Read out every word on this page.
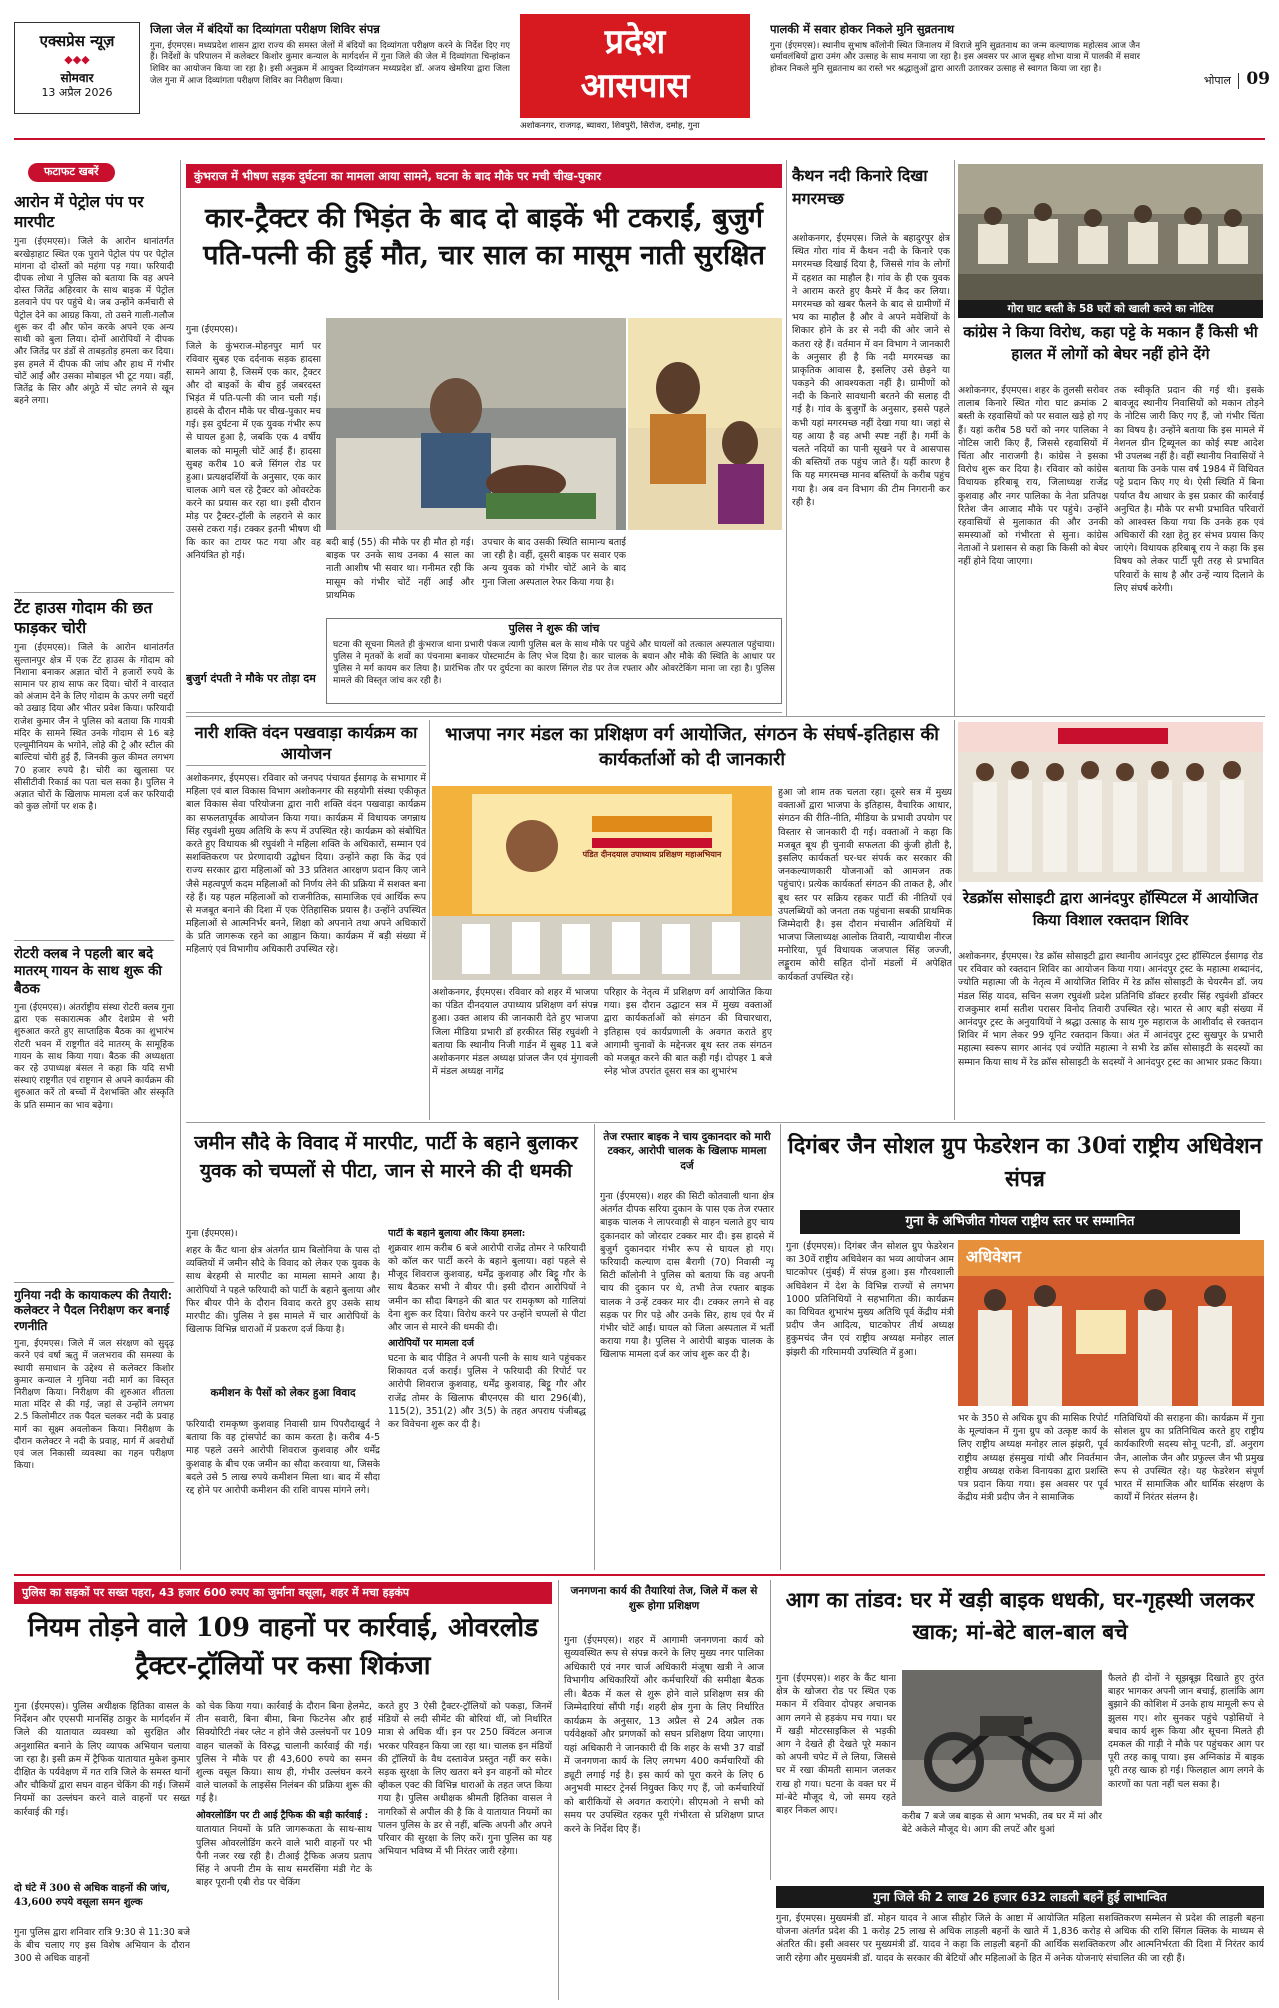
एक्सप्रेस न्यूज़
◆◆◆
सोमवार
13 अप्रैल 2026
जिला जेल में बंदियों का दिव्यांगता परीक्षण शिविर संपन्न
गुना, ईएमएस। मध्यप्रदेश शासन द्वारा राज्य की समस्त जेलों में बंदियों का दिव्यांगता परीक्षण करने के निर्देश दिए गए हैं। निर्देशों के परिपालन में कलेक्टर किशोर कुमार कन्याल के मार्गदर्शन में गुना जिले की जेल में दिव्यांगता चिन्हांकन शिविर का आयोजन किया जा रहा है। इसी अनुक्रम में आयुक्त दिव्यांगजन मध्यप्रदेश डॉ. अजय खेमरिया द्वारा जिला जेल गुना में आज दिव्यांगता परीक्षण शिविर का निरीक्षण किया।
प्रदेश
आसपास
अशोकनगर, राजगढ़, ब्यावरा, शिवपुरी, सिरोंज, दमोह, गुना
पालकी में सवार होकर निकले मुनि सुव्रतनाथ
गुना (ईएमएस)। स्थानीय सुभाष कॉलोनी स्थित जिनालय में विराजे मुनि सुव्रतनाथ का जन्म कल्याणक महोत्सव आज जैन धर्मावलंबियों द्वारा उमंग और उत्साह के साथ मनाया जा रहा है। इस अवसर पर आज सुबह शोभा यात्रा में पालकी में सवार होकर निकले मुनि सुव्रतनाथ का रास्ते भर श्रद्धालुओं द्वारा आरती उतारकर उत्साह से स्वागत किया जा रहा है।
भोपाल 09
फटाफट खबरें
आरोन में पेट्रोल पंप पर मारपीट
गुना (ईएमएस)। जिले के आरोन थानांतर्गत बरखेड़ाहाट स्थित एक पुराने पेट्रोल पंप पर पेट्रोल मांगना दो दोस्तों को महंगा पड़ गया। फरियादी दीपक लोधा ने पुलिस को बताया कि वह अपने दोस्त जितेंद्र अहिरवार के साथ बाइक में पेट्रोल डलवाने पंप पर पहुंचे थे। जब उन्होंने कर्मचारी से पेट्रोल देने का आग्रह किया, तो उसने गाली-गलौज शुरू कर दी और फोन करके अपने एक अन्य साथी को बुला लिया। दोनों आरोपियों ने दीपक और जितेंद्र पर डंडों से ताबड़तोड़ हमला कर दिया। इस हमले में दीपक की जांघ और हाथ में गंभीर चोटें आईं और उसका मोबाइल भी टूट गया। वहीं, जितेंद्र के सिर और अंगूठे में चोट लगने से खून बहने लगा।
टेंट हाउस गोदाम की छत फाड़कर चोरी
गुना (ईएमएस)। जिले के आरोन थानांतर्गत सुल्तानपुर क्षेत्र में एक टेंट हाउस के गोदाम को निशाना बनाकर अज्ञात चोरों ने हजारों रुपये के सामान पर हाथ साफ कर दिया। चोरों ने वारदात को अंजाम देने के लिए गोदाम के ऊपर लगी चद्दरों को उखाड़ दिया और भीतर प्रवेश किया। फरियादी राजेश कुमार जैन ने पुलिस को बताया कि गायत्री मंदिर के सामने स्थित उनके गोदाम से 16 बड़े एल्यूमीनियम के भगोने, लोहे की ट्रे और स्टील की बाल्टियां चोरी हुई हैं, जिनकी कुल कीमत लगभग 70 हजार रुपये है। चोरी का खुलासा पर सीसीटीवी रिकार्ड का पता चल सका है। पुलिस ने अज्ञात चोरों के खिलाफ मामला दर्ज कर फरियादी को कुछ लोगों पर शक है।
रोटरी क्लब ने पहली बार बदे मातरम् गायन के साथ शुरू की बैठक
गुना (ईएमएस)। अंतर्राष्ट्रीय संस्था रोटरी क्लब गुना द्वारा एक सकारात्मक और देशप्रेम से भरी शुरुआत करते हुए साप्ताहिक बैठक का शुभारंभ रोटरी भवन में राष्ट्रगीत वंदे मातरम् के सामूहिक गायन के साथ किया गया। बैठक की अध्यक्षता कर रहे उपाध्यक्ष बंसल ने कहा कि यदि सभी संस्थाएं राष्ट्रगीत एवं राष्ट्रगान से अपने कार्यक्रम की शुरुआत करें तो बच्चों में देशभक्ति और संस्कृति के प्रति सम्मान का भाव बढ़ेगा।
गुनिया नदी के कायाकल्प की तैयारी: कलेक्टर ने पैदल निरीक्षण कर बनाई रणनीति
गुना, ईएमएस। जिले में जल संरक्षण को सुदृढ़ करने एवं वर्षा ऋतु में जलभराव की समस्या के स्थायी समाधान के उद्देश्य से कलेक्टर किशोर कुमार कन्याल ने गुनिया नदी मार्ग का विस्तृत निरीक्षण किया। निरीक्षण की शुरुआत शीतला माता मंदिर से की गई, जहां से उन्होंने लगभग 2.5 किलोमीटर तक पैदल चलकर नदी के प्रवाह मार्ग का सूक्ष्म अवलोकन किया। निरीक्षण के दौरान कलेक्टर ने नदी के प्रवाह, मार्ग में अवरोधों एवं जल निकासी व्यवस्था का गहन परीक्षण किया।
कुंभराज में भीषण सड़क दुर्घटना का मामला आया सामने, घटना के बाद मौके पर मची चीख-पुकार
कार-ट्रैक्टर की भिड़ंत के बाद दो बाइकें भी टकराईं, बुजुर्ग पति-पत्नी की हुई मौत, चार साल का मासूम नाती सुरक्षित
गुना (ईएमएस)।
जिले के कुंभराज-मोहनपुर मार्ग पर रविवार सुबह एक दर्दनाक सड़क हादसा सामने आया है, जिसमें एक कार, ट्रैक्टर और दो बाइकों के बीच हुई जबरदस्त भिड़ंत में पति-पत्नी की जान चली गई। हादसे के दौरान मौके पर चीख-पुकार मच गई। इस दुर्घटना में एक युवक गंभीर रूप से घायल हुआ है, जबकि एक 4 वर्षीय बालक को मामूली चोटें आई हैं। हादसा सुबह करीब 10 बजे सिंगल रोड पर हुआ। प्रत्यक्षदर्शियों के अनुसार, एक कार चालक आगे चल रहे ट्रैक्टर को ओवरटेक करने का प्रयास कर रहा था। इसी दौरान मोड़ पर ट्रैक्टर-ट्रॉली के लहराने से कार उससे टकरा गई। टक्कर इतनी भीषण थी कि कार का टायर फट गया और वह अनियंत्रित हो गई।
बदी बाई (55) की मौके पर ही मौत हो गई। बाइक पर उनके साथ उनका 4 साल का नाती आशीष भी सवार था। गनीमत रही कि मासूम को गंभीर चोटें नहीं आईं और प्राथमिक
उपचार के बाद उसकी स्थिति सामान्य बताई जा रही है। वहीं, दूसरी बाइक पर सवार एक अन्य युवक को गंभीर चोटें आने के बाद गुना जिला अस्पताल रेफर किया गया है।
पुलिस ने शुरू की जांच
घटना की सूचना मिलते ही कुंभराज थाना प्रभारी पंकज त्यागी पुलिस बल के साथ मौके पर पहुंचे और घायलों को तत्काल अस्पताल पहुंचाया। पुलिस ने मृतकों के शवों का पंचनामा बनाकर पोस्टमार्टम के लिए भेज दिया है। कार चालक के बयान और मौके की स्थिति के आधार पर पुलिस ने मर्ग कायम कर लिया है। प्रारंभिक तौर पर दुर्घटना का कारण सिंगल रोड पर तेज रफ्तार और ओवरटेकिंग माना जा रहा है। पुलिस मामले की विस्तृत जांच कर रही है।
बुजुर्ग दंपती ने मौके पर तोड़ा दम
कैथन नदी किनारे दिखा मगरमच्छ
अशोकनगर, ईएमएस। जिले के बहादुरपुर क्षेत्र स्थित गोरा गांव में कैथन नदी के किनारे एक मगरमच्छ दिखाई दिया है, जिससे गांव के लोगों में दहशत का माहौल है। गांव के ही एक युवक ने आराम करते हुए कैमरे में कैद कर लिया। मगरमच्छ को खबर फैलने के बाद से ग्रामीणों में भय का माहौल है और वे अपने मवेशियों के शिकार होने के डर से नदी की ओर जाने से कतरा रहे हैं। वर्तमान में वन विभाग ने जानकारी के अनुसार ही है कि नदी मगरमच्छ का प्राकृतिक आवास है, इसलिए उसे छेड़ने या पकड़ने की आवश्यकता नहीं है। ग्रामीणों को नदी के किनारे सावधानी बरतने की सलाह दी गई है। गांव के बुजुर्गों के अनुसार, इससे पहले कभी यहां मगरमच्छ नहीं देखा गया था। जहां से यह आया है वह अभी स्पष्ट नहीं है। गर्मी के चलते नदियों का पानी सूखने पर वे आसपास की बस्तियों तक पहुंच जाते हैं। यहीं कारण है कि यह मगरमच्छ मानव बस्तियों के करीब पहुंच गया है। अब वन विभाग की टीम निगरानी कर रही है।
गोरा घाट बस्ती के 58 घरों को खाली करने का नोटिस
कांग्रेस ने किया विरोध, कहा पट्टे के मकान हैं किसी भी हालत में लोगों को बेघर नहीं होने देंगे
अशोकनगर, ईएमएस। शहर के तुलसी सरोवर तालाब किनारे स्थित गोरा घाट क्रमांक 2 बस्ती के रहवासियों को पर सवाल खड़े हो गए हैं। यहां करीब 58 घरों को नगर पालिका ने नोटिस जारी किए हैं, जिससे रहवासियों में चिंता और नाराजगी है। कांग्रेस ने इसका विरोध शुरू कर दिया है। रविवार को कांग्रेस विधायक हरिबाबू राय, जिलाध्यक्ष राजेंद्र कुशवाह और नगर पालिका के नेता प्रतिपक्ष रितेश जैन आजाद मौके पर पहुंचे। उन्होंने रहवासियों से मुलाकात की और उनकी समस्याओं को गंभीरता से सुना। कांग्रेस नेताओं ने प्रशासन से कहा कि किसी को बेघर नहीं होने दिया जाएगा।
तक स्वीकृति प्रदान की गई थी। इसके बावजूद स्थानीय निवासियों को मकान तोड़ने के नोटिस जारी किए गए हैं, जो गंभीर चिंता का विषय है। उन्होंने बताया कि इस मामले में नेशनल ग्रीन ट्रिब्यूनल का कोई स्पष्ट आदेश भी उपलब्ध नहीं है। वहीं स्थानीय निवासियों ने बताया कि उनके पास वर्ष 1984 में विधिवत पट्टे प्रदान किए गए थे। ऐसी स्थिति में बिना पर्याप्त वैध आधार के इस प्रकार की कार्रवाई अनुचित है। मौके पर सभी प्रभावित परिवारों को आश्वस्त किया गया कि उनके हक एवं अधिकारों की रक्षा हेतु हर संभव प्रयास किए जाएंगे। विधायक हरिबाबू राय ने कहा कि इस विषय को लेकर पार्टी पूरी तरह से प्रभावित परिवारों के साथ है और उन्हें न्याय दिलाने के लिए संघर्ष करेगी।
नारी शक्ति वंदन पखवाड़ा कार्यक्रम का आयोजन
अशोकनगर, ईएमएस। रविवार को जनपद पंचायत ईसागढ़ के सभागार में महिला एवं बाल विकास विभाग अशोकनगर की सहयोगी संस्था एकीकृत बाल विकास सेवा परियोजना द्वारा नारी शक्ति वंदन पखवाड़ा कार्यक्रम का सफलतापूर्वक आयोजन किया गया। कार्यक्रम में विधायक जगन्नाथ सिंह रघुवंशी मुख्य अतिथि के रूप में उपस्थित रहे। कार्यक्रम को संबोधित करते हुए विधायक श्री रघुवंशी ने महिला शक्ति के अधिकारों, सम्मान एवं सशक्तिकरण पर प्रेरणादायी उद्बोधन दिया। उन्होंने कहा कि केंद्र एवं राज्य सरकार द्वारा महिलाओं को 33 प्रतिशत आरक्षण प्रदान किए जाने जैसे महत्वपूर्ण कदम महिलाओं को निर्णय लेने की प्रक्रिया में सशक्त बना रहे हैं। यह पहल महिलाओं को राजनीतिक, सामाजिक एवं आर्थिक रूप से मजबूत बनाने की दिशा में एक ऐतिहासिक प्रयास है। उन्होंने उपस्थित महिलाओं से आत्मनिर्भर बनने, शिक्षा को अपनाने तथा अपने अधिकारों के प्रति जागरूक रहने का आह्वान किया। कार्यक्रम में बड़ी संख्या में महिलाएं एवं विभागीय अधिकारी उपस्थित रहे।
भाजपा नगर मंडल का प्रशिक्षण वर्ग आयोजित, संगठन के संघर्ष-इतिहास की कार्यकर्ताओं को दी जानकारी
पंडित दीनदयाल उपाध्याय प्रशिक्षण महाअभियान
हुआ जो शाम तक चलता रहा। दूसरे सत्र में मुख्य वक्ताओं द्वारा भाजपा के इतिहास, वैचारिक आधार, संगठन की रीति-नीति, मीडिया के प्रभावी उपयोग पर विस्तार से जानकारी दी गई। वक्ताओं ने कहा कि मजबूत बूथ ही चुनावी सफलता की कुंजी होती है, इसलिए कार्यकर्ता घर-घर संपर्क कर सरकार की जनकल्याणकारी योजनाओं को आमजन तक पहुंचाएं। प्रत्येक कार्यकर्ता संगठन की ताकत है, और बूथ स्तर पर सक्रिय रहकर पार्टी की नीतियों एवं उपलब्धियों को जनता तक पहुंचाना सबकी प्राथमिक जिम्मेदारी है। इस दौरान मंचासीन अतिथियों में भाजपा जिलाध्यक्ष आलोक तिवारी, न्यायाधीश नीरज मनोरिया, पूर्व विधायक जजपाल सिंह जज्जी, लड्डूराम कोरी सहित दोनों मंडलों में अपेक्षित कार्यकर्ता उपस्थित रहे।
अशोकनगर, ईएमएस। रविवार को शहर में भाजपा का पंडित दीनदयाल उपाध्याय प्रशिक्षण वर्ग संपन्न हुआ। उक्त आशय की जानकारी देते हुए भाजपा जिला मीडिया प्रभारी डॉ हरकीरत सिंह रघुवंशी ने बताया कि स्थानीय निजी गार्डन में सुबह 11 बजे अशोकनगर मंडल अध्यक्ष प्रांजल जैन एवं मुंगावली में मंडल अध्यक्ष नागेंद्र
परिहार के नेतृत्व में प्रशिक्षण वर्ग आयोजित किया गया। इस दौरान उद्घाटन सत्र में मुख्य वक्ताओं द्वारा कार्यकर्ताओं को संगठन की विचारधारा, इतिहास एवं कार्यप्रणाली के अवगत कराते हुए आगामी चुनावों के मद्देनजर बूथ स्तर तक संगठन को मजबूत करने की बात कही गई। दोपहर 1 बजे स्नेह भोज उपरांत दूसरा सत्र का शुभारंभ
रेडक्रॉस सोसाइटी द्वारा आनंदपुर हॉस्पिटल में आयोजित किया विशाल रक्तदान शिविर
अशोकनगर, ईएमएस। रेड क्रॉस सोसाइटी द्वारा स्थानीय आनंदपुर ट्रस्ट हॉस्पिटल ईसागढ़ रोड पर रविवार को रक्तदान शिविर का आयोजन किया गया। आनंदपुर ट्रस्ट के महात्मा शब्दानंद, ज्योति महात्मा जी के नेतृत्व में आयोजित शिविर में रेड क्रॉस सोसाइटी के चेयरमैन डॉ. जय मंडल सिंह यादव, सचिन सजग रघुवंशी प्रदेश प्रतिनिधि डॉक्टर हरवीर सिंह रघुवंशी डॉक्टर राजकुमार शर्मा सतीश परासर विनोद तिवारी उपस्थित रहे। भारत से आए बड़ी संख्या में आनंदपुर ट्रस्ट के अनुयायियों ने श्रद्धा उत्साह के साथ गुरु महाराज के आशीर्वाद से रक्तदान शिविर में भाग लेकर 99 यूनिट रक्तदान किया। अंत में आनंदपुर ट्रस्ट सुखपुर के प्रभारी महात्मा स्वरूप सागर आनंद एवं ज्योति महात्मा ने सभी रेड क्रॉस सोसाइटी के सदस्यों का सम्मान किया साथ में रेड क्रॉस सोसाइटी के सदस्यों ने आनंदपुर ट्रस्ट का आभार प्रकट किया।
जमीन सौदे के विवाद में मारपीट, पार्टी के बहाने बुलाकर युवक को चप्पलों से पीटा, जान से मारने की दी धमकी
गुना (ईएमएस)।
शहर के कैंट थाना क्षेत्र अंतर्गत ग्राम बिलोनिया के पास दो व्यक्तियों में जमीन सौदे के विवाद को लेकर एक युवक के साथ बेरहमी से मारपीट का मामला सामने आया है। आरोपियों ने पहले फरियादी को पार्टी के बहाने बुलाया और फिर बीयर पीने के दौरान विवाद करते हुए उसके साथ मारपीट की। पुलिस ने इस मामले में चार आरोपियों के खिलाफ विभिन्न धाराओं में प्रकरण दर्ज किया है।
कमीशन के पैसों को लेकर हुआ विवाद
फरियादी रामकृष्ण कुशवाह निवासी ग्राम पिपरौदाखुर्द ने बताया कि वह ट्रांसपोर्ट का काम करता है। करीब 4-5 माह पहले उसने आरोपी शिवराज कुशवाह और धर्मेंद्र कुशवाह के बीच एक जमीन का सौदा करवाया था, जिसके बदले उसे 5 लाख रुपये कमीशन मिला था। बाद में सौदा रद्द होने पर आरोपी कमीशन की राशि वापस मांगने लगे।
पार्टी के बहाने बुलाया और किया हमला:
शुक्रवार शाम करीब 6 बजे आरोपी राजेंद्र तोमर ने फरियादी को कॉल कर पार्टी करने के बहाने बुलाया। वहां पहले से मौजूद शिवराज कुशवाह, धर्मेंद्र कुशवाह और बिट्टू गौर के साथ बैठकर सभी ने बीयर पी। इसी दौरान आरोपियों ने जमीन का सौदा बिगड़ने की बात पर रामकृष्ण को गालियां देना शुरू कर दिया। विरोध करने पर उन्होंने चप्पलों से पीटा और जान से मारने की धमकी दी।
आरोपियों पर मामला दर्ज
घटना के बाद पीड़ित ने अपनी पत्नी के साथ थाने पहुंचकर शिकायत दर्ज कराई। पुलिस ने फरियादी की रिपोर्ट पर आरोपी शिवराज कुशवाह, धर्मेंद्र कुशवाह, बिट्टू गौर और राजेंद्र तोमर के खिलाफ बीएनएस की धारा 296(बी), 115(2), 351(2) और 3(5) के तहत अपराध पंजीबद्ध कर विवेचना शुरू कर दी है।
तेज रफ्तार बाइक ने चाय दुकानदार को मारी टक्कर, आरोपी चालक के खिलाफ मामला दर्ज
गुना (ईएमएस)। शहर की सिटी कोतवाली थाना क्षेत्र अंतर्गत दीपक सरिया दुकान के पास एक तेज रफ्तार बाइक चालक ने लापरवाही से वाहन चलाते हुए चाय दुकानदार को जोरदार टक्कर मार दी। इस हादसे में बुजुर्ग दुकानदार गंभीर रूप से घायल हो गए। फरियादी कल्याण दास बैरागी (70) निवासी न्यू सिटी कॉलोनी ने पुलिस को बताया कि वह अपनी चाय की दुकान पर थे, तभी तेज रफ्तार बाइक चालक ने उन्हें टक्कर मार दी। टक्कर लगने से वह सड़क पर गिर पड़े और उनके सिर, हाथ एवं पैर में गंभीर चोटें आईं। घायल को जिला अस्पताल में भर्ती कराया गया है। पुलिस ने आरोपी बाइक चालक के खिलाफ मामला दर्ज कर जांच शुरू कर दी है।
दिगंबर जैन सोशल ग्रुप फेडरेशन का 30वां राष्ट्रीय अधिवेशन संपन्न
गुना के अभिजीत गोयल राष्ट्रीय स्तर पर सम्मानित
गुना (ईएमएस)। दिगंबर जैन सोशल ग्रुप फेडरेशन का 30वें राष्ट्रीय अधिवेशन का भव्य आयोजन आम घाटकोपर (मुंबई) में संपन्न हुआ। इस गौरवशाली अधिवेशन में देश के विभिन्न राज्यों से लगभग 1000 प्रतिनिधियों ने सहभागिता की। कार्यक्रम का विधिवत शुभारंभ मुख्य अतिथि पूर्व केंद्रीय मंत्री प्रदीप जैन आदित्य, घाटकोपर तीर्थ अध्यक्ष हुकुमचंद जैन एवं राष्ट्रीय अध्यक्ष मनोहर लाल झंझरी की गरिमामयी उपस्थिति में हुआ।
अधिवेशन
भर के 350 से अधिक ग्रुप की मासिक रिपोर्ट के मूल्यांकन में गुना ग्रुप को उत्कृष्ट कार्य के लिए राष्ट्रीय अध्यक्ष मनोहर लाल झंझरी, पूर्व राष्ट्रीय अध्यक्ष हंसमुख गांधी और निवर्तमान राष्ट्रीय अध्यक्ष राकेश विनायका द्वारा प्रशस्ति पत्र प्रदान किया गया। इस अवसर पर पूर्व केंद्रीय मंत्री प्रदीप जैन ने सामाजिक
गतिविधियों की सराहना की। कार्यक्रम में गुना सोशल ग्रुप का प्रतिनिधित्व करते हुए राष्ट्रीय कार्यकारिणी सदस्य सोनू पटनी, डॉ. अनुराग जैन, आलोक जैन और प्रफुल्ल जैन भी प्रमुख रूप से उपस्थित रहे। यह फेडरेशन संपूर्ण भारत में सामाजिक और धार्मिक संरक्षण के कार्यों में निरंतर संलग्न है।
पुलिस का सड़कों पर सख्त पहरा, 43 हजार 600 रुपए का जुर्माना वसूला, शहर में मचा हड़कंप
नियम तोड़ने वाले 109 वाहनों पर कार्रवाई, ओवरलोड ट्रैक्टर-ट्रॉलियों पर कसा शिकंजा
गुना (ईएमएस)। पुलिस अधीक्षक हितिका वासल के निर्देशन और एएसपी मानसिंह ठाकुर के मार्गदर्शन में जिले की यातायात व्यवस्था को सुरक्षित और अनुशासित बनाने के लिए व्यापक अभियान चलाया जा रहा है। इसी क्रम में ट्रैफिक यातायात मुकेश कुमार दीक्षित के पर्यवेक्षण में गत रात्रि जिले के समस्त थानों और चौकियों द्वारा सघन वाहन चेकिंग की गई। जिसमें नियमों का उल्लंघन करने वाले वाहनों पर सख्त कार्रवाई की गई।
दो घंटे में 300 से अधिक वाहनों की जांच, 43,600 रुपये वसूला समन शुल्क
गुना पुलिस द्वारा शनिवार रात्रि 9:30 से 11:30 बजे के बीच चलाए गए इस विशेष अभियान के दौरान 300 से अधिक वाहनों
को चेक किया गया। कार्रवाई के दौरान बिना हेलमेट, तीन सवारी, बिना बीमा, बिना फिटनेस और हाई सिक्योरिटी नंबर प्लेट न होने जैसे उल्लंघनों पर 109 वाहन चालकों के विरुद्ध चालानी कार्रवाई की गई। पुलिस ने मौके पर ही 43,600 रुपये का समन शुल्क वसूल किया। साथ ही, गंभीर उल्लंघन करने वाले चालकों के लाइसेंस निलंबन की प्रक्रिया शुरू की गई है।
ओवरलोडिंग पर टी आई ट्रैफिक की बड़ी कार्रवाई :
यातायात नियमों के प्रति जागरूकता के साथ-साथ पुलिस ओवरलोडिंग करने वाले भारी वाहनों पर भी पैनी नजर रख रही है। टीआई ट्रैफिक अजय प्रताप सिंह ने अपनी टीम के साथ समरसिंगा मंडी गेट के बाहर पूरानी एबी रोड पर चेकिंग
करते हुए 3 ऐसी ट्रैक्टर-ट्रॉलियों को पकड़ा, जिनमें मंडियों से लदी सीमेंट की बोरियां थीं, जो निर्धारित मात्रा से अधिक थीं। इन पर 250 क्विंटल अनाज भरकर परिवहन किया जा रहा था। चालक इन मंडियों की ट्रॉलियों के वैध दस्तावेज प्रस्तुत नहीं कर सके। सड़क सुरक्षा के लिए खतरा बने इन वाहनों को मोटर व्हीकल एक्ट की विभिन्न धाराओं के तहत जप्त किया गया है। पुलिस अधीक्षक श्रीमती हितिका वासल ने नागरिकों से अपील की है कि वे यातायात नियमों का पालन पुलिस के डर से नहीं, बल्कि अपनी और अपने परिवार की सुरक्षा के लिए करें। गुना पुलिस का यह अभियान भविष्य में भी निरंतर जारी रहेगा।
जनगणना कार्य की तैयारियां तेज, जिले में कल से शुरू होगा प्रशिक्षण
गुना (ईएमएस)। शहर में आगामी जनगणना कार्य को सुव्यवस्थित रूप से संपन्न करने के लिए मुख्य नगर पालिका अधिकारी एवं नगर चार्ज अधिकारी मंजूषा खत्री ने आज विभागीय अधिकारियों और कर्मचारियों की समीक्षा बैठक ली। बैठक में कल से शुरू होने वाले प्रशिक्षण सत्र की जिम्मेदारियां सौंपी गईं। शहरी क्षेत्र गुना के लिए निर्धारित कार्यक्रम के अनुसार, 13 अप्रैल से 24 अप्रैल तक पर्यवेक्षकों और प्रगणकों को सघन प्रशिक्षण दिया जाएगा। यहां अधिकारी ने जानकारी दी कि शहर के सभी 37 वार्डों में जनगणना कार्य के लिए लगभग 400 कर्मचारियों की ड्यूटी लगाई गई है। इस कार्य को पूरा करने के लिए 6 अनुभवी मास्टर ट्रेनर्स नियुक्त किए गए हैं, जो कर्मचारियों को बारीकियों से अवगत कराएंगे। सीएमओ ने सभी को समय पर उपस्थित रहकर पूरी गंभीरता से प्रशिक्षण प्राप्त करने के निर्देश दिए हैं।
आग का तांडव: घर में खड़ी बाइक धधकी, घर-गृहस्थी जलकर खाक; मां-बेटे बाल-बाल बचे
गुना (ईएमएस)। शहर के कैंट थाना क्षेत्र के खोजरा रोड पर स्थित एक मकान में रविवार दोपहर अचानक आग लगने से हड़कंप मच गया। घर में खड़ी मोटरसाइकिल से भड़की आग ने देखते ही देखते पूरे मकान को अपनी चपेट में ले लिया, जिससे घर में रखा कीमती सामान जलकर राख हो गया। घटना के वक्त घर में मां-बेटे मौजूद थे, जो समय रहते बाहर निकल आए।
करीब 7 बजे जब बाइक से आग भभकी, तब घर में मां और बेटे अकेले मौजूद थे। आग की लपटें और धुआं
फैलते ही दोनों ने सूझबूझ दिखाते हुए तुरंत बाहर भागकर अपनी जान बचाई, हालांकि आग बुझाने की कोशिश में उनके हाथ मामूली रूप से झुलस गए। शोर सुनकर पहुंचे पड़ोसियों ने बचाव कार्य शुरू किया और सूचना मिलते ही दमकल की गाड़ी ने मौके पर पहुंचकर आग पर पूरी तरह काबू पाया। इस अग्निकांड में बाइक पूरी तरह खाक हो गई। फिलहाल आग लगने के कारणों का पता नहीं चल सका है।
गुना जिले की 2 लाख 26 हजार 632 लाडली बहनें हुई लाभान्वित
गुना, ईएमएस। मुख्यमंत्री डॉ. मोहन यादव ने आज सीहोर जिले के आष्टा में आयोजित महिला सशक्तिकरण सम्मेलन से प्रदेश की लाड़ली बहना योजना अंतर्गत प्रदेश की 1 करोड़ 25 लाख से अधिक लाड़ली बहनों के खाते में 1,836 करोड़ से अधिक की राशि सिंगल क्लिक के माध्यम से अंतरित की। इसी अवसर पर मुख्यमंत्री डॉ. यादव ने कहा कि लाड़ली बहनों की आर्थिक सशक्तिकरण और आत्मनिर्भरता की दिशा में निरंतर कार्य जारी रहेगा और मुख्यमंत्री डॉ. यादव के सरकार की बेटियों और महिलाओं के हित में अनेक योजनाएं संचालित की जा रही हैं।
